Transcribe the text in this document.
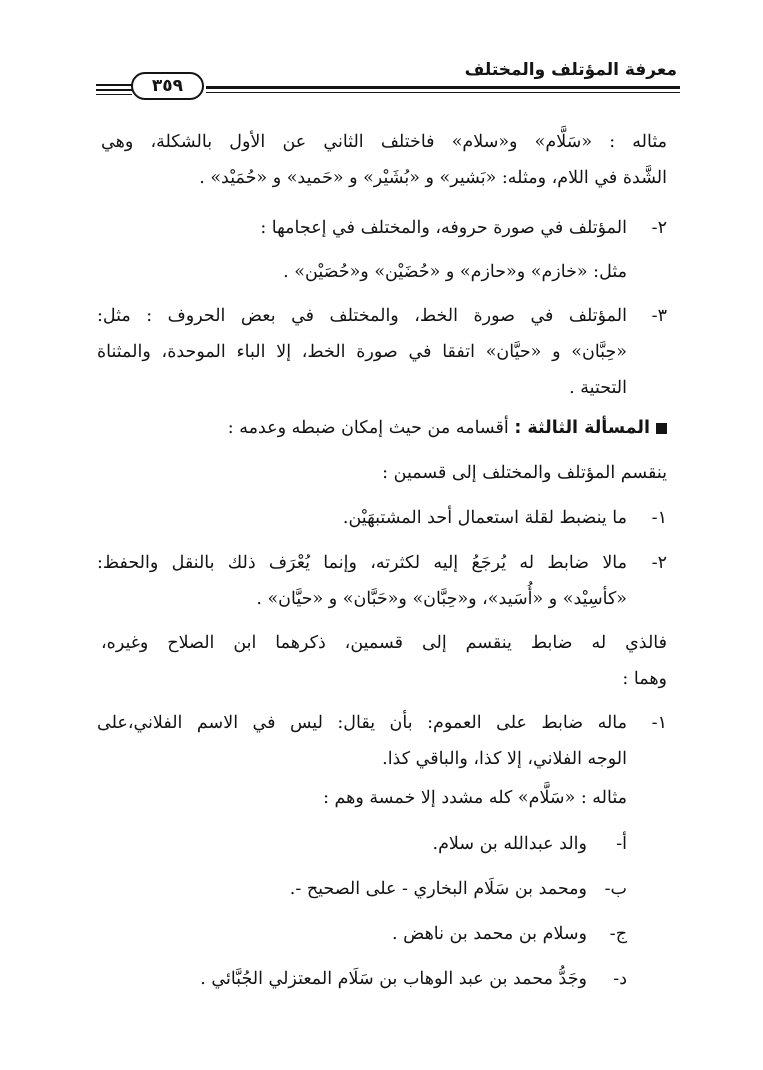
معرفة المؤتلف والمختلف
٣٥٩
مثاله : «سَلَّام» و«سلام» فاختلف الثاني عن الأول بالشكلة، وهي
الشَّدة في اللام، ومثله: «بَشير» و «بُشَيْر» و «حَميد» و «حُمَيْد» .
٢-
المؤتلف في صورة حروفه، والمختلف في إعجامها :
مثل: «خازم» و«حازم» و «حُضَيْن» و«حُصَيْن» .
٣-
المؤتلف في صورة الخط، والمختلف في بعض الحروف : مثل:
«حِبَّان» و «حيَّان» اتفقا في صورة الخط، إلا الباء الموحدة، والمثناة
التحتية .
المسألة الثالثة : أقسامه من حيث إمكان ضبطه وعدمه :
ينقسم المؤتلف والمختلف إلى قسمين :
١-
ما ينضبط لقلة استعمال أحد المشتبهَيْن.
٢-
مالا ضابط له يُرجَعُ إليه لكثرته، وإنما يُعْرَف ذلك بالنقل والحفظ:
«كأسِيْد» و «أُسَيد»، و«حِبَّان» و«حَبَّان» و «حيَّان» .
فالذي له ضابط ينقسم إلى قسمين، ذكرهما ابن الصلاح وغيره،
وهما :
١-
ماله ضابط على العموم: بأن يقال: ليس في الاسم الفلاني،على
الوجه الفلاني، إلا كذا، والباقي كذا.
مثاله : «سَلَّام» كله مشدد إلا خمسة وهم :
أ-
والد عبدالله بن سلام.
ب-
ومحمد بن سَلَام البخاري - على الصحيح -.
ج-
وسلام بن محمد بن ناهض .
د-
وجَدُّ محمد بن عبد الوهاب بن سَلَام المعتزلي الجُبَّائي .
